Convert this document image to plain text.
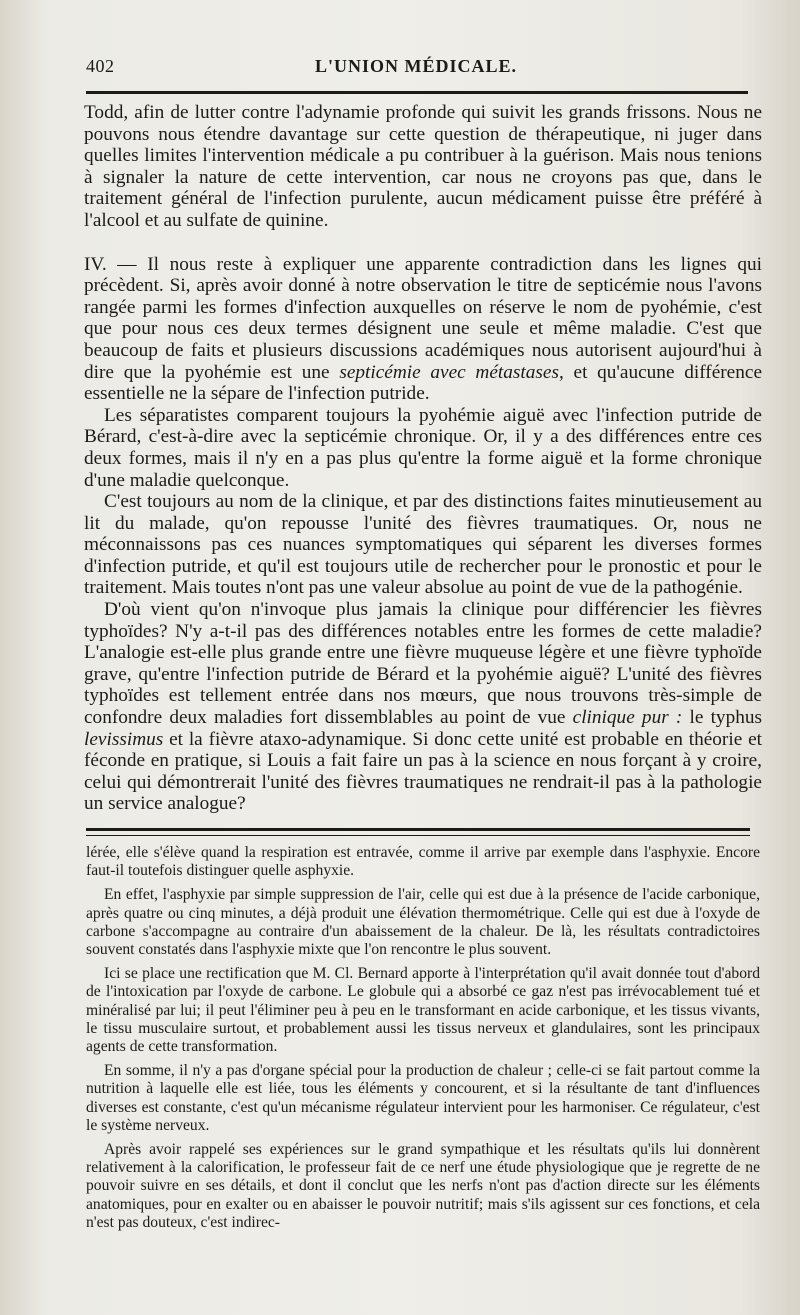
402	L'UNION MÉDICALE.

Todd, afin de lutter contre l'adynamie profonde qui suivit les grands frissons. Nous ne pouvons nous étendre davantage sur cette question de thérapeutique, ni juger dans quelles limites l'intervention médicale a pu contribuer à la guérison. Mais nous tenions à signaler la nature de cette intervention, car nous ne croyons pas que, dans le traitement général de l'infection purulente, aucun médicament puisse être préféré à l'alcool et au sulfate de quinine.

IV. — Il nous reste à expliquer une apparente contradiction dans les lignes qui précèdent. Si, après avoir donné à notre observation le titre de septicémie nous l'avons rangée parmi les formes d'infection auxquelles on réserve le nom de pyohémie, c'est que pour nous ces deux termes désignent une seule et même maladie. C'est que beaucoup de faits et plusieurs discussions académiques nous autorisent aujourd'hui à dire que la pyohémie est une septicémie avec métastases, et qu'aucune différence essentielle ne la sépare de l'infection putride.

Les séparatistes comparent toujours la pyohémie aiguë avec l'infection putride de Bérard, c'est-à-dire avec la septicémie chronique. Or, il y a des différences entre ces deux formes, mais il n'y en a pas plus qu'entre la forme aiguë et la forme chronique d'une maladie quelconque.

C'est toujours au nom de la clinique, et par des distinctions faites minutieusement au lit du malade, qu'on repousse l'unité des fièvres traumatiques. Or, nous ne méconnaissons pas ces nuances symptomatiques qui séparent les diverses formes d'infection putride, et qu'il est toujours utile de rechercher pour le pronostic et pour le traitement. Mais toutes n'ont pas une valeur absolue au point de vue de la pathogénie.

D'où vient qu'on n'invoque plus jamais la clinique pour différencier les fièvres typhoïdes? N'y a-t-il pas des différences notables entre les formes de cette maladie? L'analogie est-elle plus grande entre une fièvre muqueuse légère et une fièvre typhoïde grave, qu'entre l'infection putride de Bérard et la pyohémie aiguë? L'unité des fièvres typhoïdes est tellement entrée dans nos mœurs, que nous trouvons très-simple de confondre deux maladies fort dissemblables au point de vue clinique pur : le typhus levissimus et la fièvre ataxo-adynamique. Si donc cette unité est probable en théorie et féconde en pratique, si Louis a fait faire un pas à la science en nous forçant à y croire, celui qui démontrerait l'unité des fièvres traumatiques ne rendrait-il pas à la pathologie un service analogue?

lérée, elle s'élève quand la respiration est entravée, comme il arrive par exemple dans l'asphyxie. Encore faut-il toutefois distinguer quelle asphyxie.

En effet, l'asphyxie par simple suppression de l'air, celle qui est due à la présence de l'acide carbonique, après quatre ou cinq minutes, a déjà produit une élévation thermométrique. Celle qui est due à l'oxyde de carbone s'accompagne au contraire d'un abaissement de la chaleur. De là, les résultats contradictoires souvent constatés dans l'asphyxie mixte que l'on rencontre le plus souvent.

Ici se place une rectification que M. Cl. Bernard apporte à l'interprétation qu'il avait donnée tout d'abord de l'intoxication par l'oxyde de carbone. Le globule qui a absorbé ce gaz n'est pas irrévocablement tué et minéralisé par lui; il peut l'éliminer peu à peu en le transformant en acide carbonique, et les tissus vivants, le tissu musculaire surtout, et probablement aussi les tissus nerveux et glandulaires, sont les principaux agents de cette transformation.

En somme, il n'y a pas d'organe spécial pour la production de chaleur ; celle-ci se fait partout comme la nutrition à laquelle elle est liée, tous les éléments y concourent, et si la résultante de tant d'influences diverses est constante, c'est qu'un mécanisme régulateur intervient pour les harmoniser. Ce régulateur, c'est le système nerveux.

Après avoir rappelé ses expériences sur le grand sympathique et les résultats qu'ils lui donnèrent relativement à la calorification, le professeur fait de ce nerf une étude physiologique que je regrette de ne pouvoir suivre en ses détails, et dont il conclut que les nerfs n'ont pas d'action directe sur les éléments anatomiques, pour en exalter ou en abaisser le pouvoir nutritif; mais s'ils agissent sur ces fonctions, et cela n'est pas douteux, c'est indirec-
